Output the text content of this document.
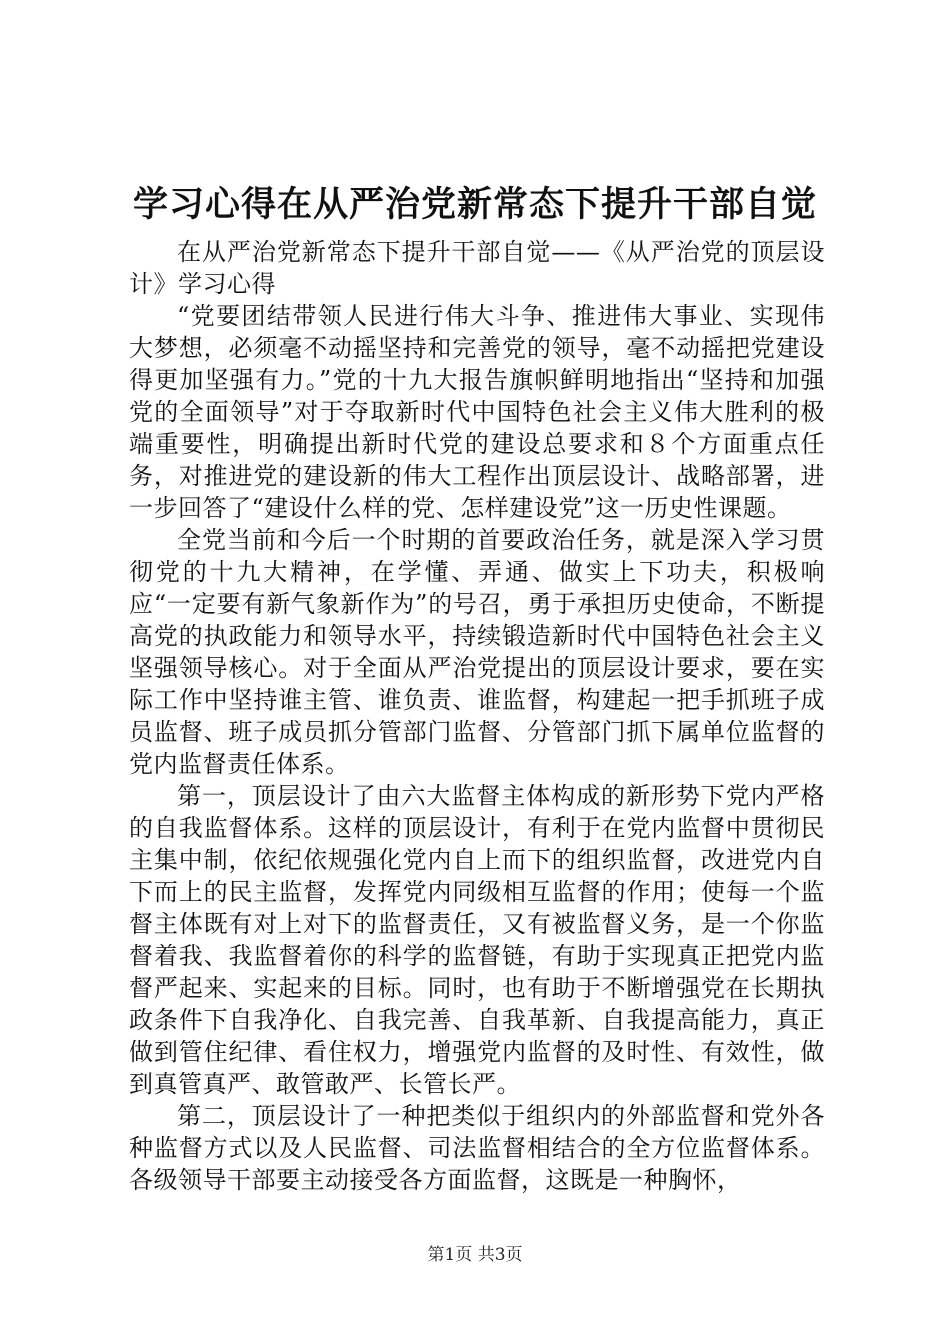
学习心得在从严治党新常态下提升干部自觉

在从严治党新常态下提升干部自觉——《从严治党的顶层设计》学习心得

“党要团结带领人民进行伟大斗争、推进伟大事业、实现伟大梦想，必须毫不动摇坚持和完善党的领导，毫不动摇把党建设得更加坚强有力。”党的十九大报告旗帜鲜明地指出“坚持和加强党的全面领导”对于夺取新时代中国特色社会主义伟大胜利的极端重要性，明确提出新时代党的建设总要求和８个方面重点任务，对推进党的建设新的伟大工程作出顶层设计、战略部署，进一步回答了“建设什么样的党、怎样建设党”这一历史性课题。

全党当前和今后一个时期的首要政治任务，就是深入学习贯彻党的十九大精神，在学懂、弄通、做实上下功夫，积极响应“一定要有新气象新作为”的号召，勇于承担历史使命，不断提高党的执政能力和领导水平，持续锻造新时代中国特色社会主义坚强领导核心。对于全面从严治党提出的顶层设计要求，要在实际工作中坚持谁主管、谁负责、谁监督，构建起一把手抓班子成员监督、班子成员抓分管部门监督、分管部门抓下属单位监督的党内监督责任体系。

第一，顶层设计了由六大监督主体构成的新形势下党内严格的自我监督体系。这样的顶层设计，有利于在党内监督中贯彻民主集中制，依纪依规强化党内自上而下的组织监督，改进党内自下而上的民主监督，发挥党内同级相互监督的作用；使每一个监督主体既有对上对下的监督责任，又有被监督义务，是一个你监督着我、我监督着你的科学的监督链，有助于实现真正把党内监督严起来、实起来的目标。同时，也有助于不断增强党在长期执政条件下自我净化、自我完善、自我革新、自我提高能力，真正做到管住纪律、看住权力，增强党内监督的及时性、有效性，做到真管真严、敢管敢严、长管长严。

第二，顶层设计了一种把类似于组织内的外部监督和党外各种监督方式以及人民监督、司法监督相结合的全方位监督体系。各级领导干部要主动接受各方面监督，这既是一种胸怀，

第1页 共3页
